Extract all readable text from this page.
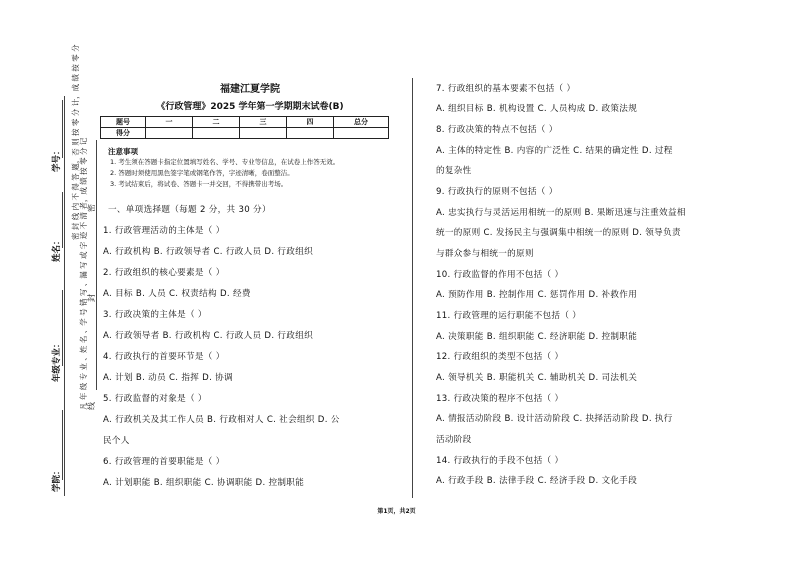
学号：
姓名：
年级专业：
学院：
密 封 线 内 不 得 答 题，否 则 按 零 分 计，成 绩 按 零 分 凡 年 级 专 业 、姓 名 、学 号 错 写 、漏 写 或 字 迹 不 清 者，成 绩 按 零 分 记 密
封
线
福建江夏学院
《行政管理》2025 学年第一学期期末试卷(B)
题号	一	二	三	四	总分
得分					
注意事项
1. 考生须在答题卡指定位置填写姓名、学号、专业等信息，在试卷上作答无效。
2. 答题时须使用黑色签字笔或钢笔作答，字迹清晰，卷面整洁。
3. 考试结束后，将试卷、答题卡一并交回，不得携带出考场。
一、单项选择题（每题 2 分，共 30 分）
1. 行政管理活动的主体是（ ）
A. 行政机构 B. 行政领导者 C. 行政人员 D. 行政组织
2. 行政组织的核心要素是（ ）
A. 目标 B. 人员 C. 权责结构 D. 经费
3. 行政决策的主体是（ ）
A. 行政领导者 B. 行政机构 C. 行政人员 D. 行政组织
4. 行政执行的首要环节是（ ）
A. 计划 B. 动员 C. 指挥 D. 协调
5. 行政监督的对象是（ ）
A. 行政机关及其工作人员 B. 行政相对人 C. 社会组织 D. 公
民个人
6. 行政管理的首要职能是（ ）
A. 计划职能 B. 组织职能 C. 协调职能 D. 控制职能
7. 行政组织的基本要素不包括（ ）
A. 组织目标 B. 机构设置 C. 人员构成 D. 政策法规
8. 行政决策的特点不包括（ ）
A. 主体的特定性 B. 内容的广泛性 C. 结果的确定性 D. 过程
的复杂性
9. 行政执行的原则不包括（ ）
A. 忠实执行与灵活运用相统一的原则 B. 果断迅速与注重效益相
统一的原则 C. 发扬民主与强调集中相统一的原则 D. 领导负责
与群众参与相统一的原则
10. 行政监督的作用不包括（ ）
A. 预防作用 B. 控制作用 C. 惩罚作用 D. 补救作用
11. 行政管理的运行职能不包括（ ）
A. 决策职能 B. 组织职能 C. 经济职能 D. 控制职能
12. 行政组织的类型不包括（ ）
A. 领导机关 B. 职能机关 C. 辅助机关 D. 司法机关
13. 行政决策的程序不包括（ ）
A. 情报活动阶段 B. 设计活动阶段 C. 抉择活动阶段 D. 执行
活动阶段
14. 行政执行的手段不包括（ ）
A. 行政手段 B. 法律手段 C. 经济手段 D. 文化手段
第1页，共2页
